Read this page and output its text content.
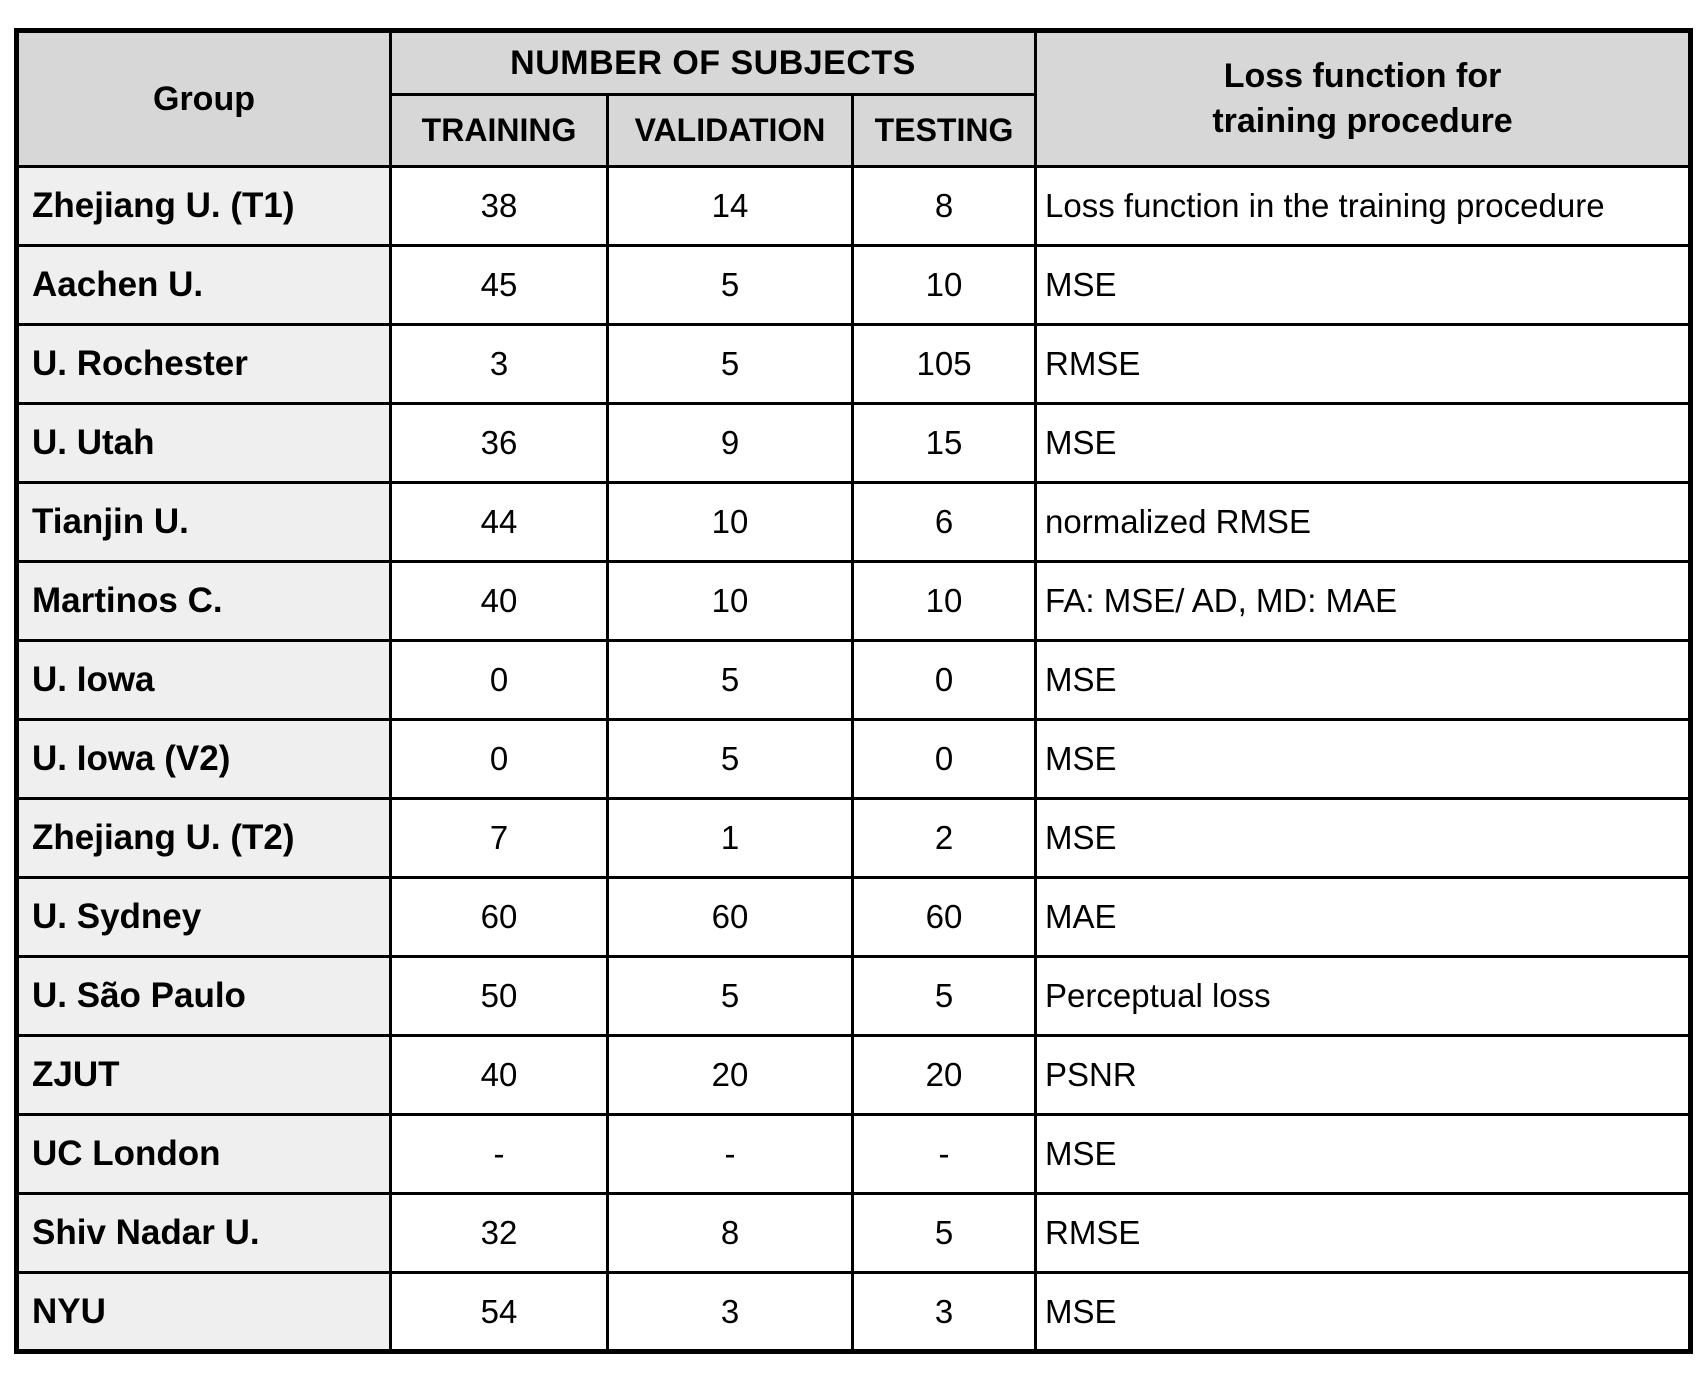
Group	NUMBER OF SUBJECTS			Loss function for
training procedure

	TRAINING	VALIDATION	TESTING	
Zhejiang U. (T1)	38	14	8	Loss function in the training procedure
Aachen U.	45	5	10	MSE
U. Rochester	3	5	105	RMSE
U. Utah	36	9	15	MSE
Tianjin U.	44	10	6	normalized RMSE
Martinos C.	40	10	10	FA: MSE/ AD, MD: MAE
U. Iowa	0	5	0	MSE
U. Iowa (V2)	0	5	0	MSE
Zhejiang U. (T2)	7	1	2	MSE
U. Sydney	60	60	60	MAE
U. São Paulo	50	5	5	Perceptual loss
ZJUT	40	20	20	PSNR
UC London	-	-	-	MSE
Shiv Nadar U.	32	8	5	RMSE
NYU	54	3	3	MSE
